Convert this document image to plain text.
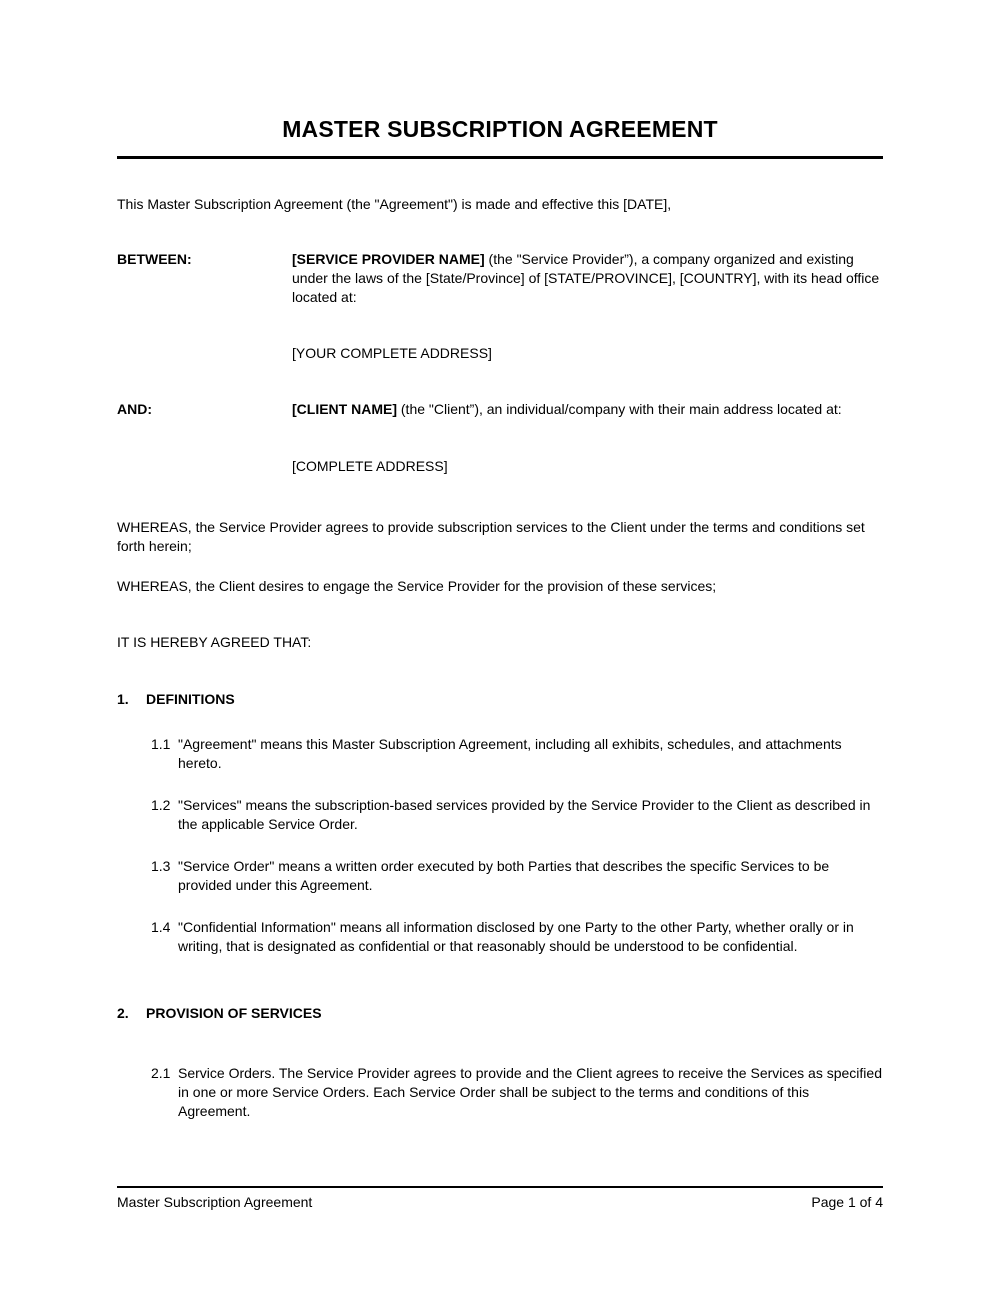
MASTER SUBSCRIPTION AGREEMENT

This Master Subscription Agreement (the "Agreement") is made and effective this [DATE],

BETWEEN:	[SERVICE PROVIDER NAME] (the "Service Provider”), a company organized and existing under the laws of the [State/Province] of [STATE/PROVINCE], [COUNTRY], with its head office located at:

[YOUR COMPLETE ADDRESS]

AND:	[CLIENT NAME] (the "Client”), an individual/company with their main address located at:

[COMPLETE ADDRESS]

WHEREAS, the Service Provider agrees to provide subscription services to the Client under the terms and conditions set forth herein;

WHEREAS, the Client desires to engage the Service Provider for the provision of these services;

IT IS HEREBY AGREED THAT:

1.	DEFINITIONS
1.1 "Agreement" means this Master Subscription Agreement, including all exhibits, schedules, and attachments hereto.
1.2 "Services" means the subscription-based services provided by the Service Provider to the Client as described in the applicable Service Order.
1.3 "Service Order" means a written order executed by both Parties that describes the specific Services to be provided under this Agreement.
1.4 "Confidential Information" means all information disclosed by one Party to the other Party, whether orally or in writing, that is designated as confidential or that reasonably should be understood to be confidential.
2.	PROVISION OF SERVICES
2.1 Service Orders. The Service Provider agrees to provide and the Client agrees to receive the Services as specified in one or more Service Orders. Each Service Order shall be subject to the terms and conditions of this Agreement.
Master Subscription Agreement	Page 1 of 4
